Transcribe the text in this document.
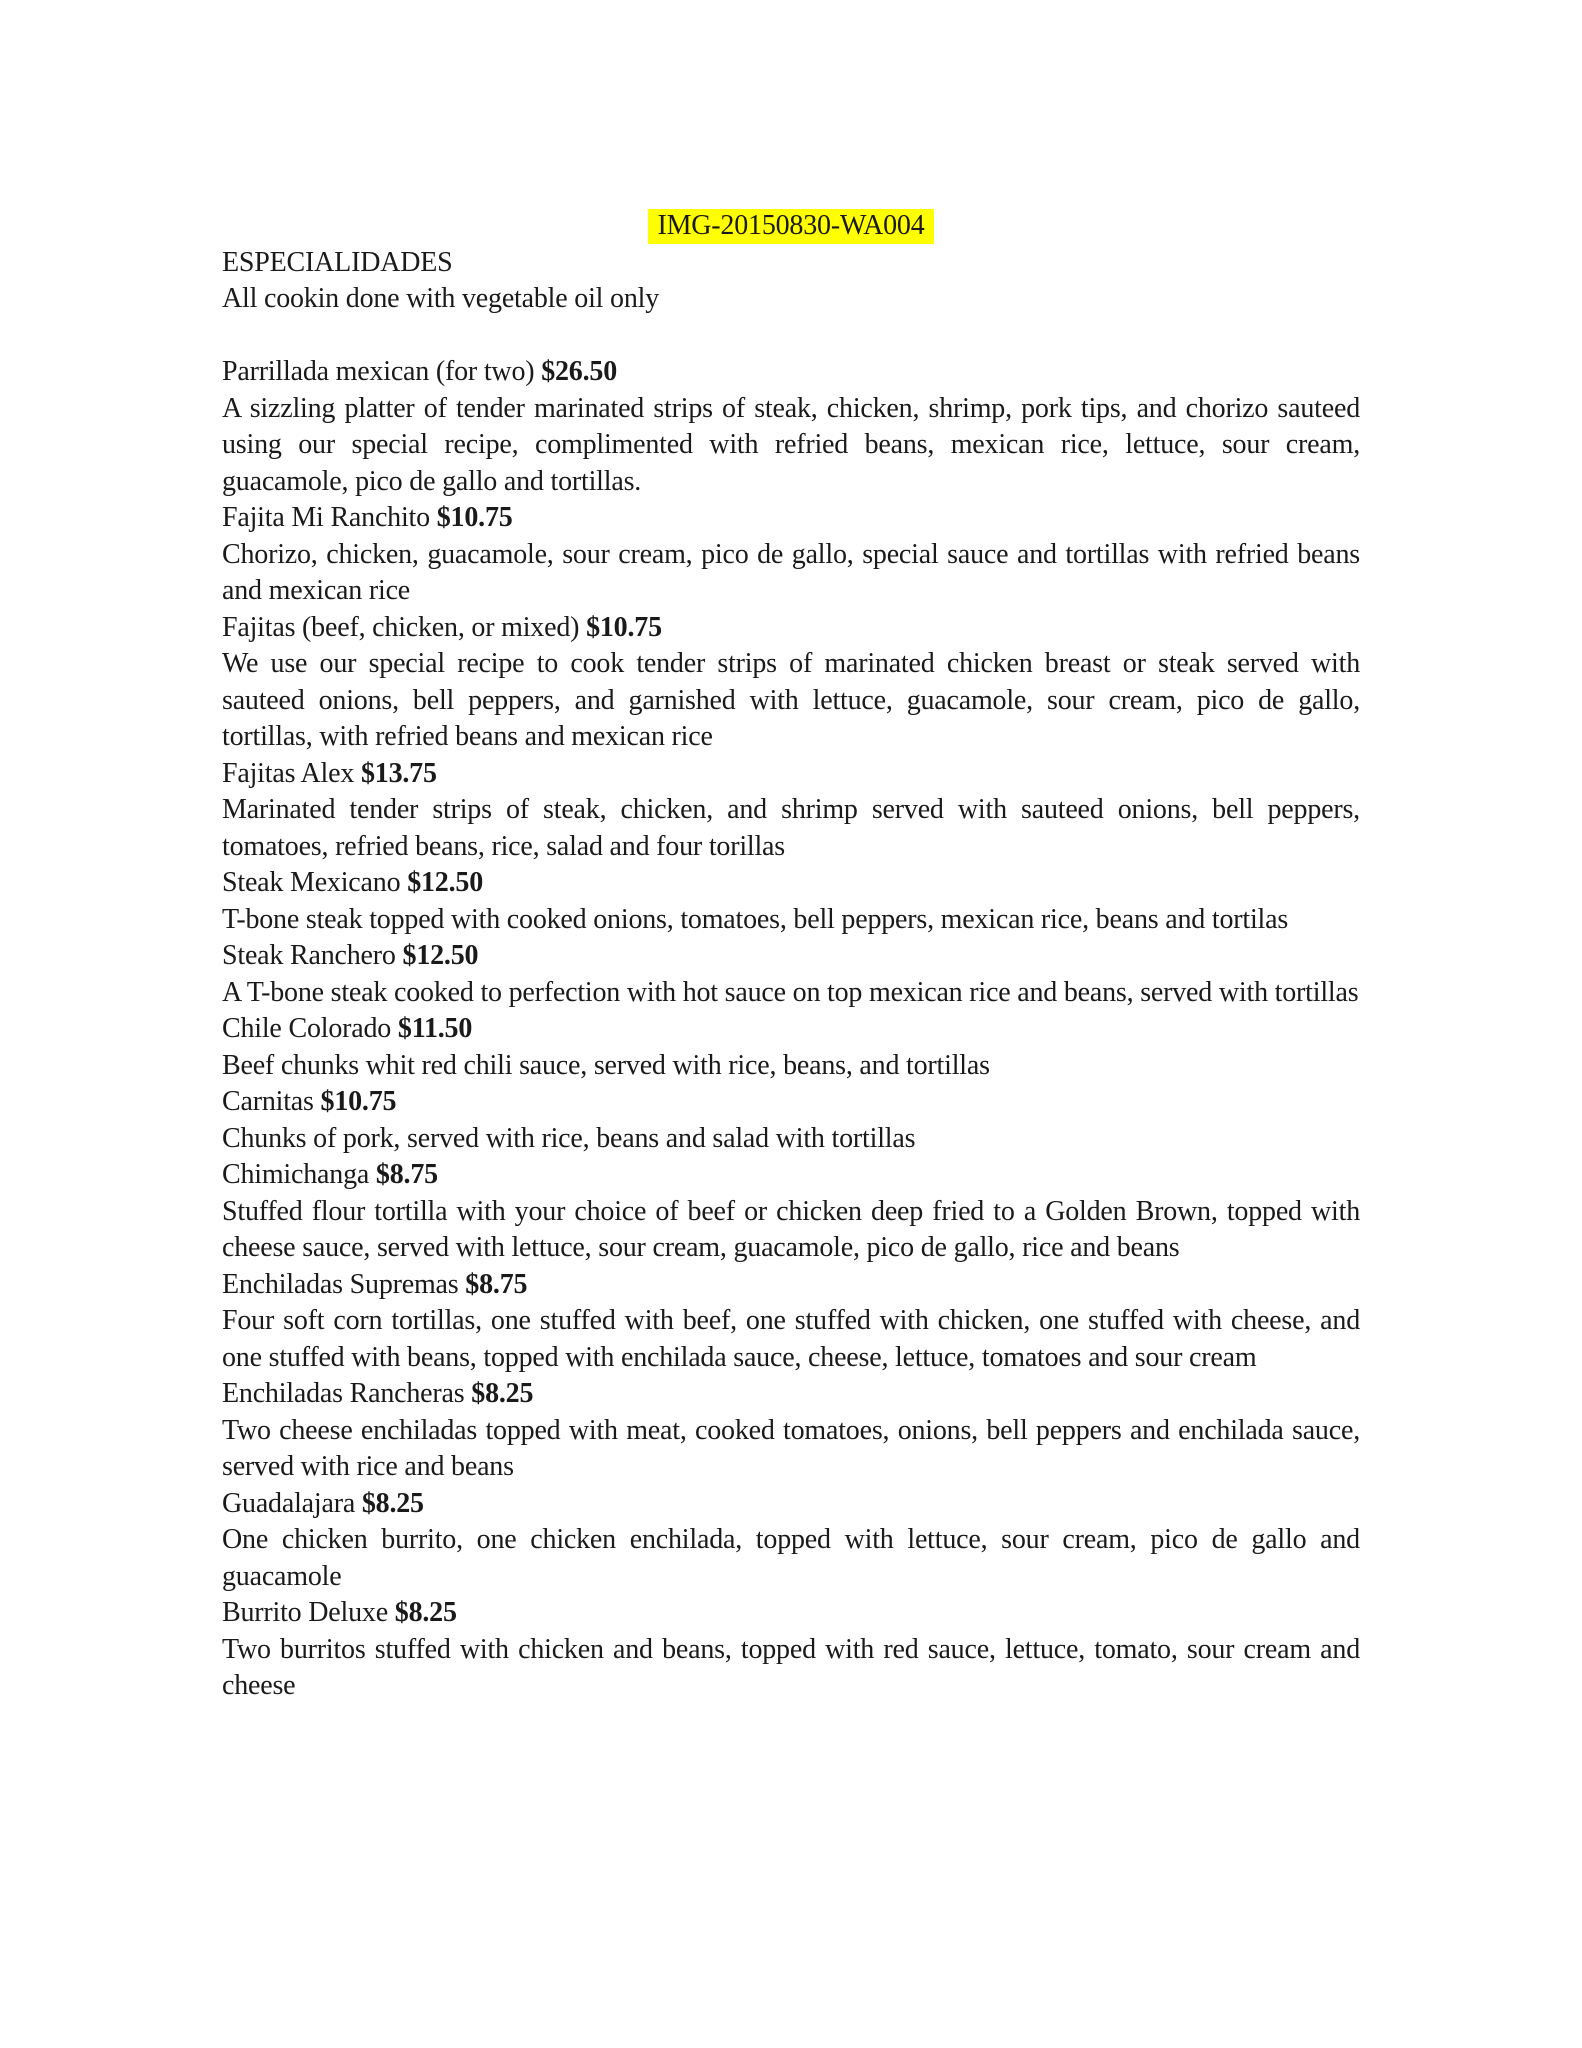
IMG-20150830-WA004

ESPECIALIDADES

All cookin done with vegetable oil only

Parrillada mexican (for two) $26.50

A sizzling platter of tender marinated strips of steak, chicken, shrimp, pork tips, and chorizo sauteed using our special recipe, complimented with refried beans, mexican rice, lettuce, sour cream, guacamole, pico de gallo and tortillas.

Fajita Mi Ranchito $10.75

Chorizo, chicken, guacamole, sour cream, pico de gallo, special sauce and tortillas with refried beans and mexican rice

Fajitas (beef, chicken, or mixed) $10.75

We use our special recipe to cook tender strips of marinated chicken breast or steak served with sauteed onions, bell peppers, and garnished with lettuce, guacamole, sour cream, pico de gallo, tortillas, with refried beans and mexican rice

Fajitas Alex $13.75

Marinated tender strips of steak, chicken, and shrimp served with sauteed onions, bell peppers, tomatoes, refried beans, rice, salad and four torillas

Steak Mexicano $12.50

T-bone steak topped with cooked onions, tomatoes, bell peppers, mexican rice, beans and tortilas

Steak Ranchero $12.50

A T-bone steak cooked to perfection with hot sauce on top mexican rice and beans, served with tortillas

Chile Colorado $11.50

Beef chunks whit red chili sauce, served with rice, beans, and tortillas

Carnitas $10.75

Chunks of pork, served with rice, beans and salad with tortillas

Chimichanga $8.75

Stuffed flour tortilla with your choice of beef or chicken deep fried to a Golden Brown, topped with cheese sauce, served with lettuce, sour cream, guacamole, pico de gallo, rice and beans

Enchiladas Supremas $8.75

Four soft corn tortillas, one stuffed with beef, one stuffed with chicken, one stuffed with cheese, and one stuffed with beans, topped with enchilada sauce, cheese, lettuce, tomatoes and sour cream

Enchiladas Rancheras $8.25

Two cheese enchiladas topped with meat, cooked tomatoes, onions, bell peppers and enchilada sauce, served with rice and beans

Guadalajara $8.25

One chicken burrito, one chicken enchilada, topped with lettuce, sour cream, pico de gallo and guacamole

Burrito Deluxe $8.25

Two burritos stuffed with chicken and beans, topped with red sauce, lettuce, tomato, sour cream and cheese
